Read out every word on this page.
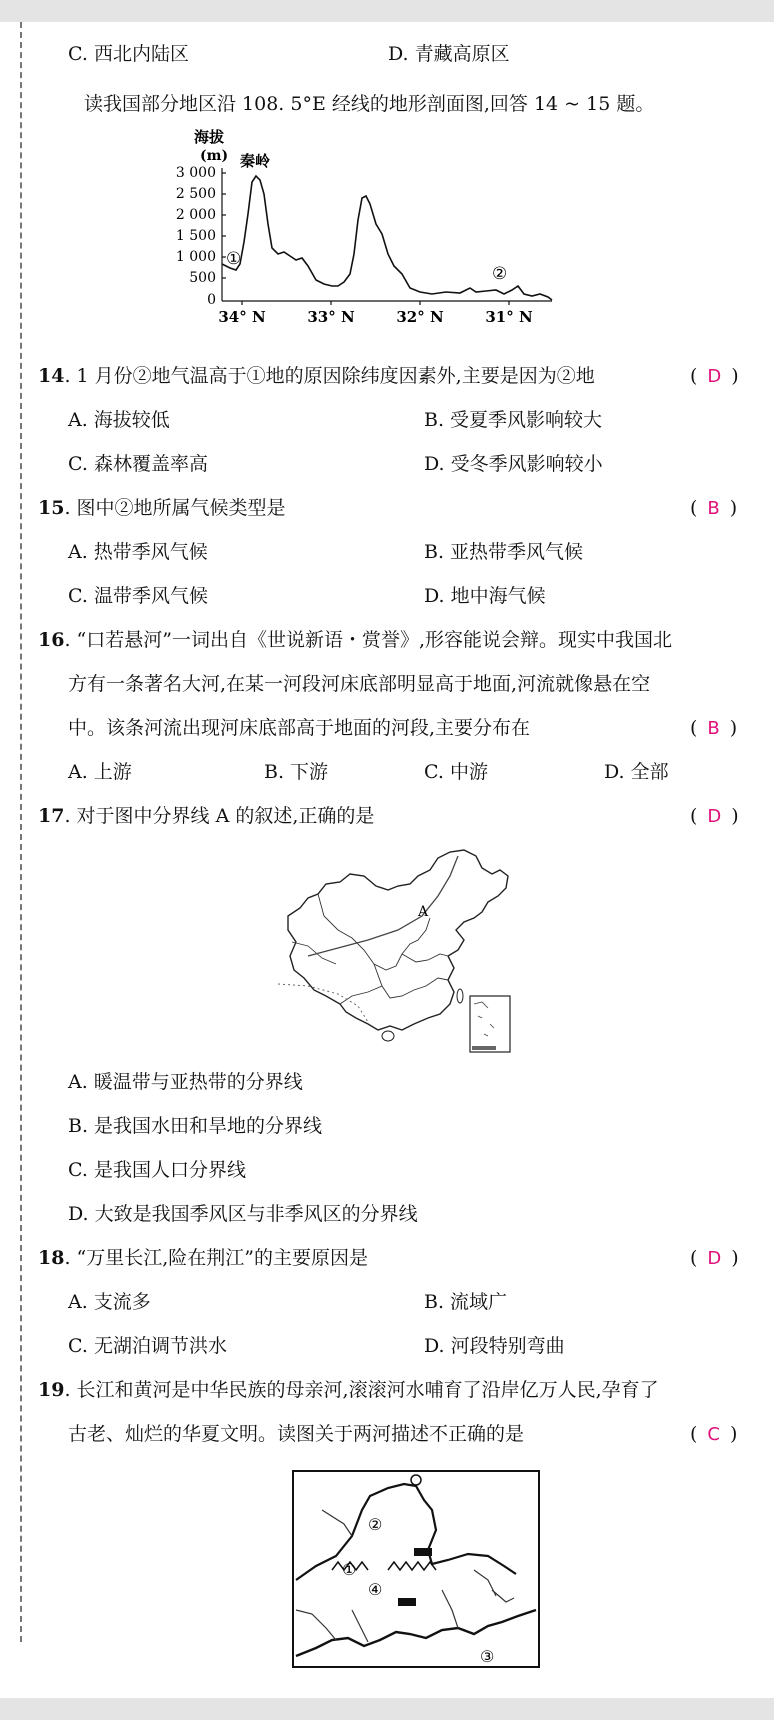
C. 西北内陆区	D. 青藏高原区
读我国部分地区沿 108. 5°E 经线的地形剖面图,回答 14 ~ 15 题。
海拔
(m) 秦岭
3 000
2 500
2 000
1 500
1 000
500
0
①
②
34° N	33° N	32° N	31° N
14. 1 月份②地气温高于①地的原因除纬度因素外,主要是因为②地	( D )
A. 海拔较低	B. 受夏季风影响较大
C. 森林覆盖率高	D. 受冬季风影响较小
15. 图中②地所属气候类型是	( B )
A. 热带季风气候	B. 亚热带季风气候
C. 温带季风气候	D. 地中海气候
16. “口若悬河”一词出自《世说新语・赏誉》,形容能说会辩。现实中我国北
方有一条著名大河,在某一河段河床底部明显高于地面,河流就像悬在空
中。该条河流出现河床底部高于地面的河段,主要分布在	( B )
A. 上游	B. 下游	C. 中游	D. 全部
17. 对于图中分界线 A 的叙述,正确的是	( D )
A
A. 暖温带与亚热带的分界线
B. 是我国水田和旱地的分界线
C. 是我国人口分界线
D. 大致是我国季风区与非季风区的分界线
18. “万里长江,险在荆江”的主要原因是	( D )
A. 支流多	B. 流域广
C. 无湖泊调节洪水	D. 河段特别弯曲
19. 长江和黄河是中华民族的母亲河,滚滚河水哺育了沿岸亿万人民,孕育了
古老、灿烂的华夏文明。读图关于两河描述不正确的是	( C )
②
①
④
③
